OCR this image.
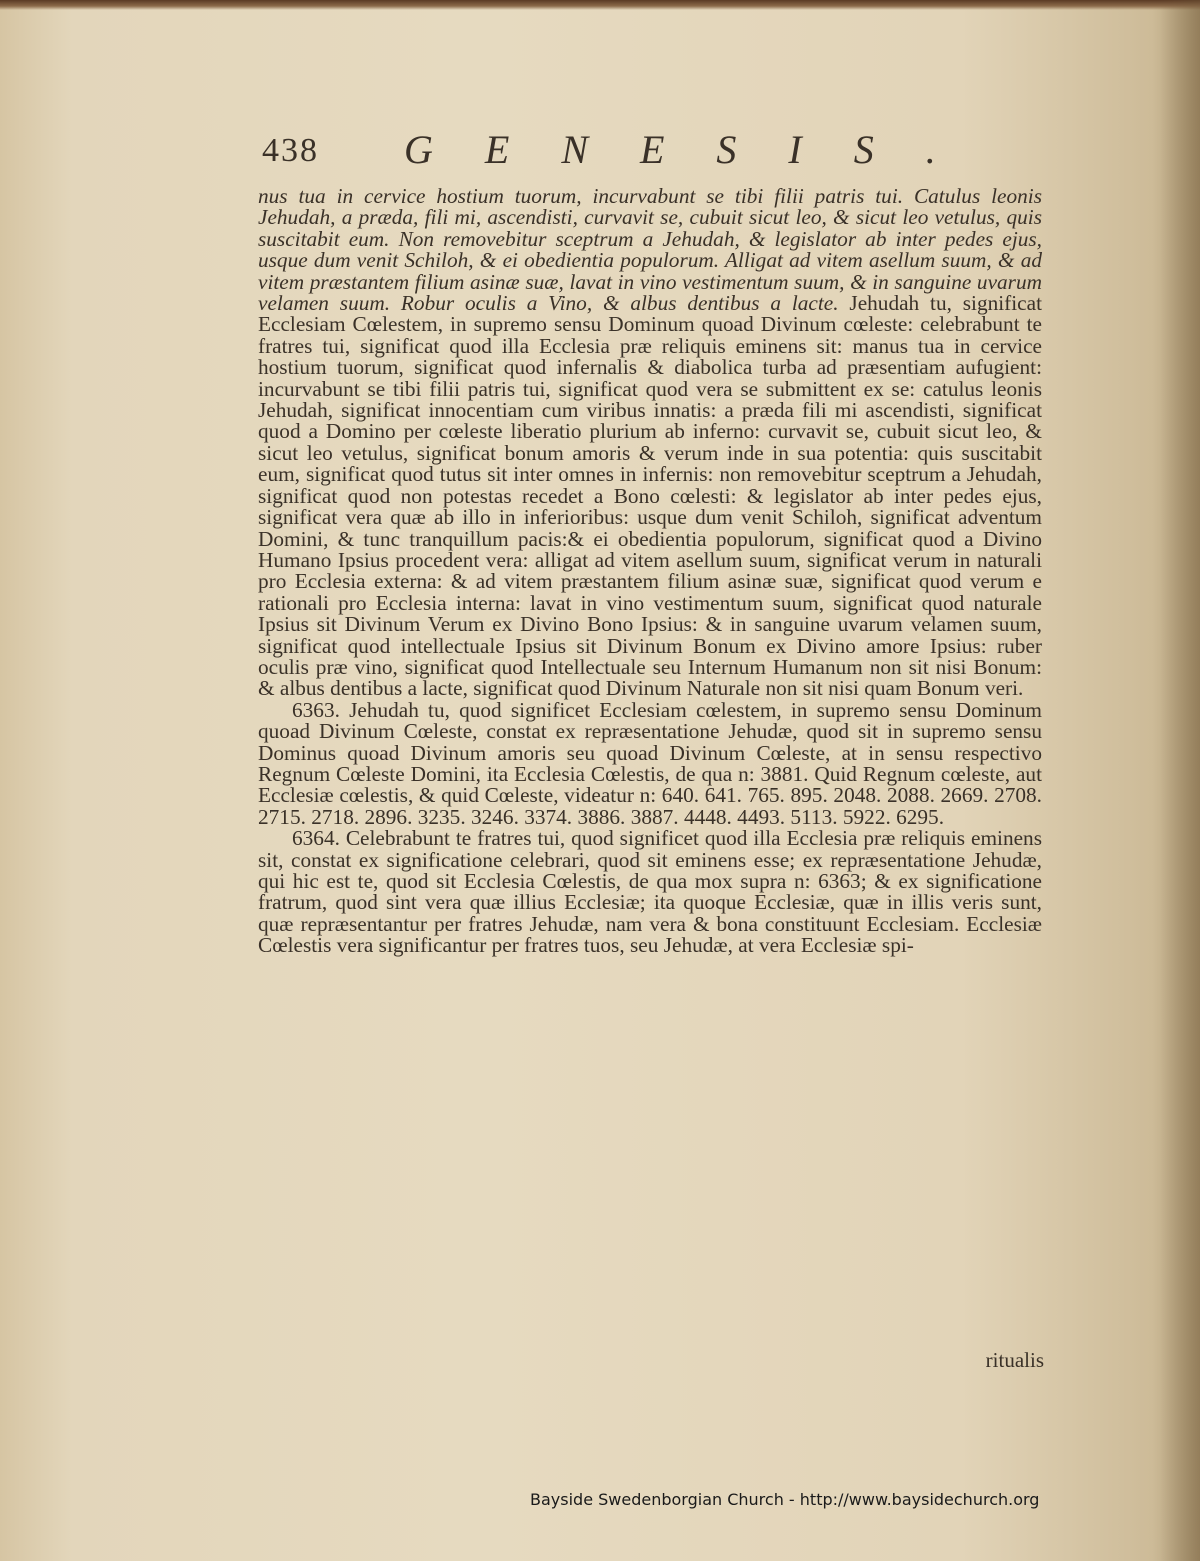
438 GENESIS.

nus tua in cervice hostium tuorum, incurvabunt se tibi filii patris tui. Catulus leonis Jehudah, a præda, fili mi, ascendisti, curvavit se, cubuit sicut leo, & sicut leo vetulus, quis suscitabit eum. Non removebitur sceptrum a Jehudah, & legislator ab inter pedes ejus, usque dum venit Schiloh, & ei obedientia populorum. Alligat ad vitem asellum suum, & ad vitem præstantem filium asinæ suæ, lavat in vino vestimentum suum, & in sanguine uvarum velamen suum. Robur oculis a Vino, & albus dentibus a lacte. Jehudah tu, significat Ecclesiam Cœlestem, in supremo sensu Dominum quoad Divinum cœleste: celebrabunt te fratres tui, significat quod illa Ecclesia præ reliquis eminens sit: manus tua in cervice hostium tuorum, significat quod infernalis & diabolica turba ad præsentiam aufugient: incurvabunt se tibi filii patris tui, significat quod vera se submittent ex se: catulus leonis Jehudah, significat innocentiam cum viribus innatis: a præda fili mi ascendisti, significat quod a Domino per cœleste liberatio plurium ab inferno: curvavit se, cubuit sicut leo, & sicut leo vetulus, significat bonum amoris & verum inde in sua potentia: quis suscitabit eum, significat quod tutus sit inter omnes in infernis: non removebitur sceptrum a Jehudah, significat quod non potestas recedet a Bono cœlesti: & legislator ab inter pedes ejus, significat vera quæ ab illo in inferioribus: usque dum venit Schiloh, significat adventum Domini, & tunc tranquillum pacis:& ei obedientia populorum, significat quod a Divino Humano Ipsius procedent vera: alligat ad vitem asellum suum, significat verum in naturali pro Ecclesia externa: & ad vitem præstantem filium asinæ suæ, significat quod verum e rationali pro Ecclesia interna: lavat in vino vestimentum suum, significat quod naturale Ipsius sit Divinum Verum ex Divino Bono Ipsius: & in sanguine uvarum velamen suum, significat quod intellectuale Ipsius sit Divinum Bonum ex Divino amore Ipsius: ruber oculis præ vino, significat quod Intellectuale seu Internum Humanum non sit nisi Bonum: & albus dentibus a lacte, significat quod Divinum Naturale non sit nisi quam Bonum veri.

6363. Jehudah tu, quod significet Ecclesiam cœlestem, in supremo sensu Dominum quoad Divinum Cœleste, constat ex repræsentatione Jehudæ, quod sit in supremo sensu Dominus quoad Divinum amoris seu quoad Divinum Cœleste, at in sensu respectivo Regnum Cœleste Domini, ita Ecclesia Cœlestis, de qua n: 3881. Quid Regnum cœleste, aut Ecclesiæ cœlestis, & quid Cœleste, videatur n: 640. 641. 765. 895. 2048. 2088. 2669. 2708. 2715. 2718. 2896. 3235. 3246. 3374. 3886. 3887. 4448. 4493. 5113. 5922. 6295.

6364. Celebrabunt te fratres tui, quod significet quod illa Ecclesia præ reliquis eminens sit, constat ex significatione celebrari, quod sit eminens esse; ex repræsentatione Jehudæ, qui hic est te, quod sit Ecclesia Cœlestis, de qua mox supra n: 6363; & ex significatione fratrum, quod sint vera quæ illius Ecclesiæ; ita quoque Ecclesiæ, quæ in illis veris sunt, quæ repræsentantur per fratres Jehudæ, nam vera & bona constituunt Ecclesiam. Ecclesiæ Cœlestis vera significantur per fratres tuos, seu Jehudæ, at vera Ecclesiæ spi-

ritualis
Bayside Swedenborgian Church - http://www.baysidechurch.org
